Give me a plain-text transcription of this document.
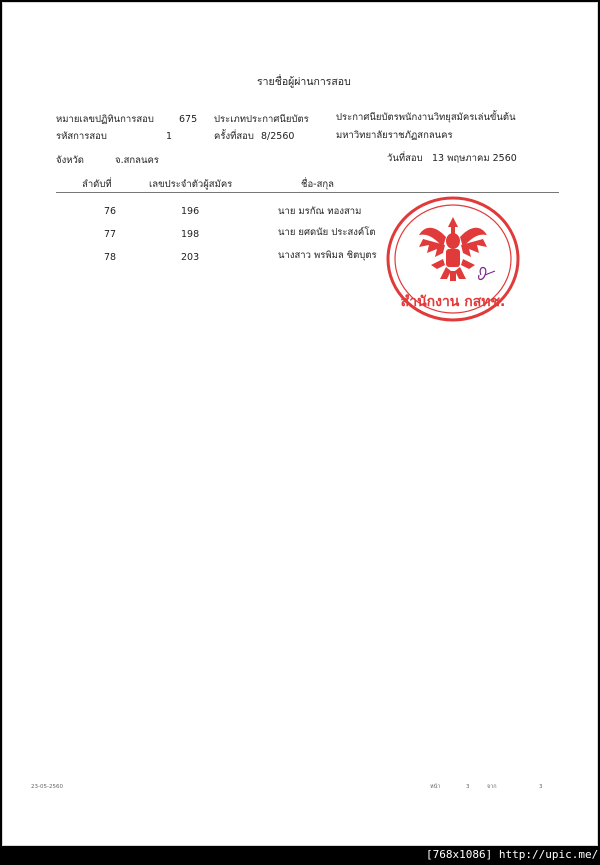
รายชื่อผู้ผ่านการสอบ
หมายเลขปฏิทินการสอบ	675 ประเภทประกาศนียบัตร	ประกาศนียบัตรพนักงานวิทยุสมัครเล่นขั้นต้น
รหัสการสอบ	1	ครั้งที่สอบ 8/2560	มหาวิทยาลัยราชภัฏสกลนคร
จังหวัด	จ.สกลนคร	วันที่สอบ 13 พฤษภาคม 2560
ลำดับที่	เลขประจำตัวผู้สมัคร	ชื่อ-สกุล
76	196	นาย มรกัณ ทองสาม
77	198	นาย ยศดนัย ประสงค์โต
78	203	นางสาว พรพิมล ชิตบุตร
สำนักงาน กสทช.
23-05-2560	หน้า	3	จาก	3
[768x1086] http://upic.me/
